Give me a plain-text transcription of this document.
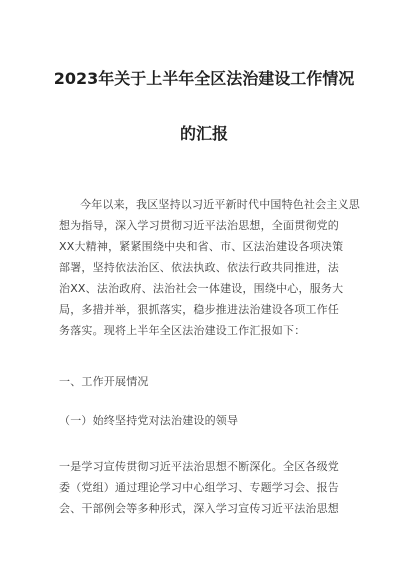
2023年关于上半年全区法治建设工作情况
的汇报
今年以来，我区坚持以习近平新时代中国特色社会主义思
想为指导，深入学习贯彻习近平法治思想，全面贯彻党的
XX大精神，紧紧围绕中央和省、市、区法治建设各项决策
部署，坚持依法治区、依法执政、依法行政共同推进，法
治XX、法治政府、法治社会一体建设，围绕中心，服务大
局，多措并举，狠抓落实，稳步推进法治建设各项工作任
务落实。现将上半年全区法治建设工作汇报如下：
一、工作开展情况
（一）始终坚持党对法治建设的领导
一是学习宣传贯彻习近平法治思想不断深化。全区各级党
委（党组）通过理论学习中心组学习、专题学习会、报告
会、干部例会等多种形式，深入学习宣传习近平法治思想
